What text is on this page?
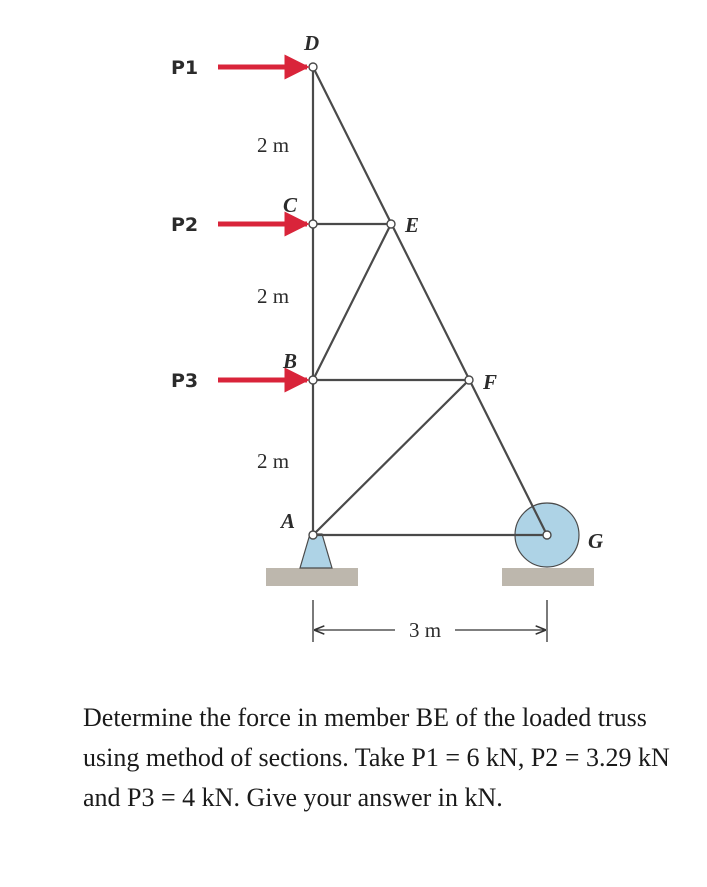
P1
P2
P3
D
C
E
B
F
A
G
2 m
2 m
2 m
3 m

Determine the force in member BE of the loaded truss using method of sections. Take P1 = 6 kN, P2 = 3.29 kN and P3 = 4 kN. Give your answer in kN.
